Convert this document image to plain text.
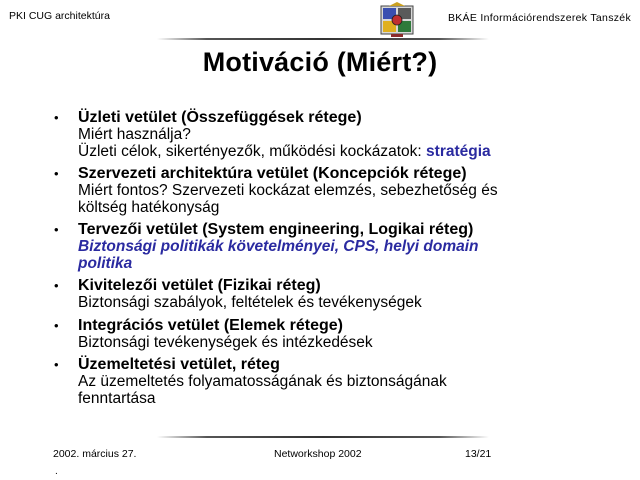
PKI CUG architektúra	BKÁE Információrendszerek Tanszék
Motiváció (Miért?)
• Üzleti vetület (Összefüggések rétege)
Miért használja?
Üzleti célok, sikertényezők, működési kockázatok: stratégia
• Szervezeti architektúra vetület (Koncepciók rétege)
Miért fontos? Szervezeti kockázat elemzés, sebezhetőség és
költség hatékonyság
• Tervezői vetület (System engineering, Logikai réteg)
Biztonsági politikák követelményei, CPS, helyi domain
politika
• Kivitelezői vetület (Fizikai réteg)
Biztonsági szabályok, feltételek és tevékenységek
• Integrációs vetület (Elemek rétege)
Biztonsági tevékenységek és intézkedések
• Üzemeltetési vetület, réteg
Az üzemeltetés folyamatosságának és biztonságának
fenntartása
2002. március 27.	Networkshop 2002	13/21
.
